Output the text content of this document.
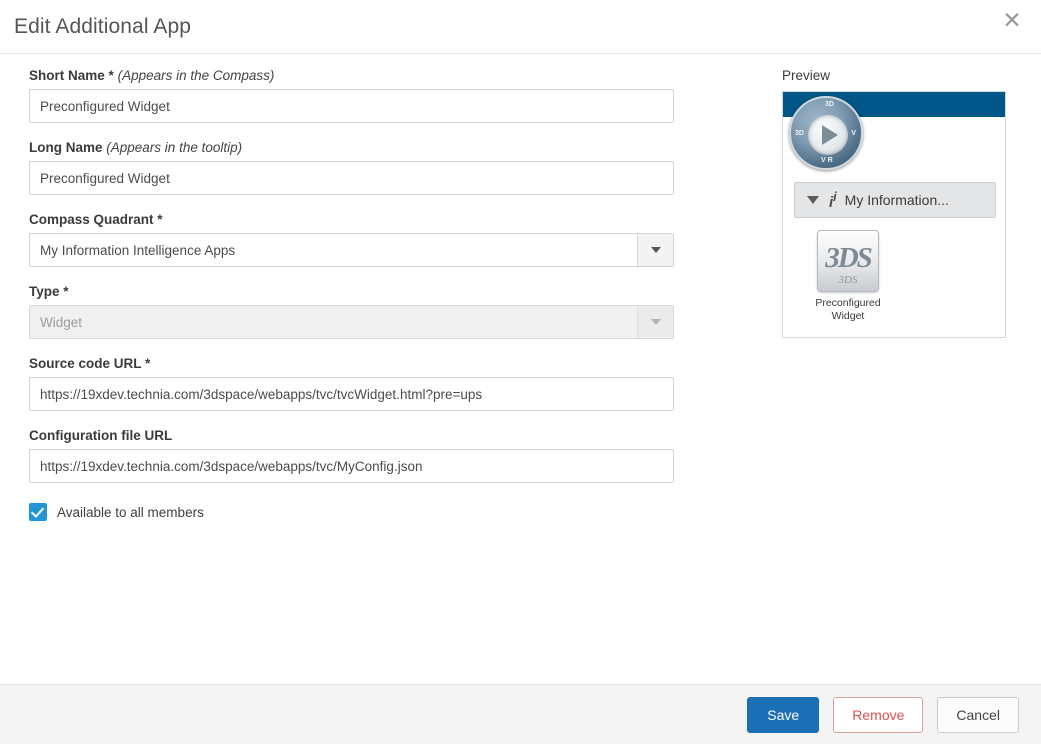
Edit Additional App	✕
Short Name * (Appears in the Compass)
Preconfigured Widget
Long Name (Appears in the tooltip)
Preconfigured Widget
Compass Quadrant *
My Information Intelligence Apps
Type *
Widget
Source code URL *
https://19xdev.technia.com/3dspace/webapps/tvc/tvcWidget.html?pre=ups
Configuration file URL
https://19xdev.technia.com/3dspace/webapps/tvc/MyConfig.json
Available to all members
Preview
3D
3D	V
V R
$i^i$ My Information...
3DS
3DS
Preconfigured
Widget
Save	Remove	Cancel
